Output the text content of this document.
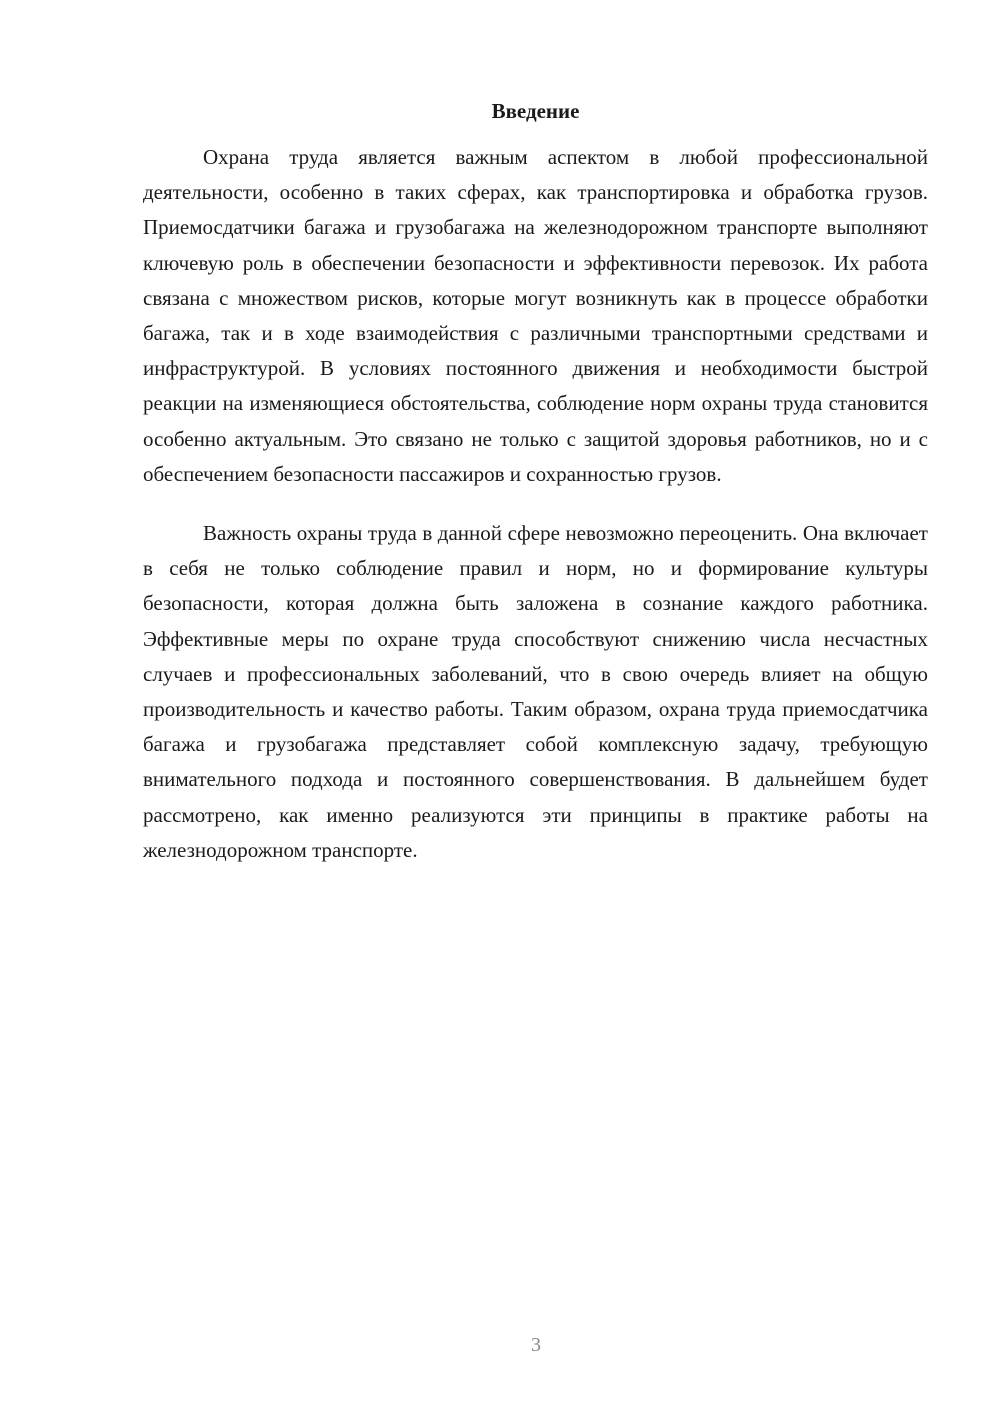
Введение

Охрана труда является важным аспектом в любой профессиональной деятельности, особенно в таких сферах, как транспортировка и обработка грузов. Приемосдатчики багажа и грузобагажа на железнодорожном транспорте выполняют ключевую роль в обеспечении безопасности и эффективности перевозок. Их работа связана с множеством рисков, которые могут возникнуть как в процессе обработки багажа, так и в ходе взаимодействия с различными транспортными средствами и инфраструктурой. В условиях постоянного движения и необходимости быстрой реакции на изменяющиеся обстоятельства, соблюдение норм охраны труда становится особенно актуальным. Это связано не только с защитой здоровья работников, но и с обеспечением безопасности пассажиров и сохранностью грузов.

Важность охраны труда в данной сфере невозможно переоценить. Она включает в себя не только соблюдение правил и норм, но и формирование культуры безопасности, которая должна быть заложена в сознание каждого работника. Эффективные меры по охране труда способствуют снижению числа несчастных случаев и профессиональных заболеваний, что в свою очередь влияет на общую производительность и качество работы. Таким образом, охрана труда приемосдатчика багажа и грузобагажа представляет собой комплексную задачу, требующую внимательного подхода и постоянного совершенствования. В дальнейшем будет рассмотрено, как именно реализуются эти принципы в практике работы на железнодорожном транспорте.

3
